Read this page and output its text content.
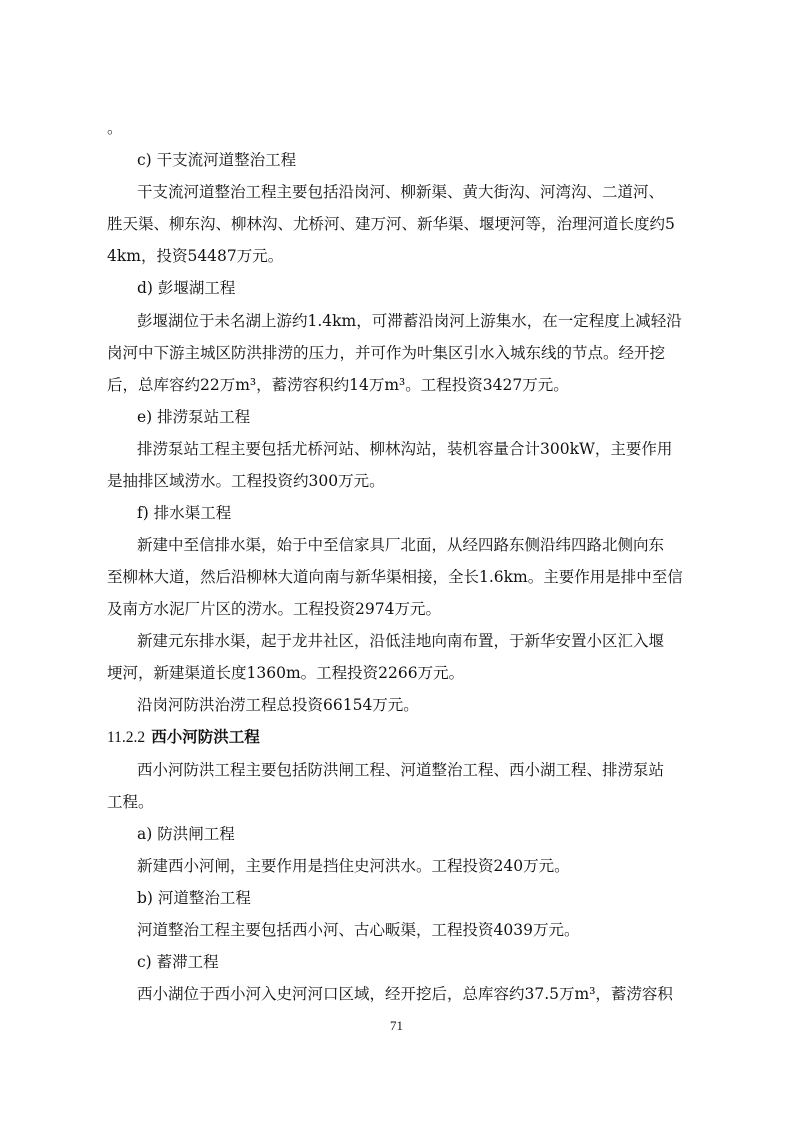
。
c) 干支流河道整治工程
干支流河道整治工程主要包括沿岗河、柳新渠、黄大街沟、河湾沟、二道河、
胜天渠、柳东沟、柳林沟、尤桥河、建万河、新华渠、堰埂河等，治理河道长度约5
4km，投资54487万元。
d) 彭堰湖工程
彭堰湖位于未名湖上游约1.4km，可滞蓄沿岗河上游集水，在一定程度上减轻沿
岗河中下游主城区防洪排涝的压力，并可作为叶集区引水入城东线的节点。经开挖
后，总库容约22万m³，蓄涝容积约14万m³。工程投资3427万元。
e) 排涝泵站工程
排涝泵站工程主要包括尤桥河站、柳林沟站，装机容量合计300kW，主要作用
是抽排区域涝水。工程投资约300万元。
f) 排水渠工程
新建中至信排水渠，始于中至信家具厂北面，从经四路东侧沿纬四路北侧向东
至柳林大道，然后沿柳林大道向南与新华渠相接，全长1.6km。主要作用是排中至信
及南方水泥厂片区的涝水。工程投资2974万元。
新建元东排水渠，起于龙井社区，沿低洼地向南布置，于新华安置小区汇入堰
埂河，新建渠道长度1360m。工程投资2266万元。
沿岗河防洪治涝工程总投资66154万元。
11.2.2 西小河防洪工程
西小河防洪工程主要包括防洪闸工程、河道整治工程、西小湖工程、排涝泵站
工程。
a) 防洪闸工程
新建西小河闸，主要作用是挡住史河洪水。工程投资240万元。
b) 河道整治工程
河道整治工程主要包括西小河、古心畈渠，工程投资4039万元。
c) 蓄滞工程
西小湖位于西小河入史河河口区域，经开挖后，总库容约37.5万m³，蓄涝容积
71
